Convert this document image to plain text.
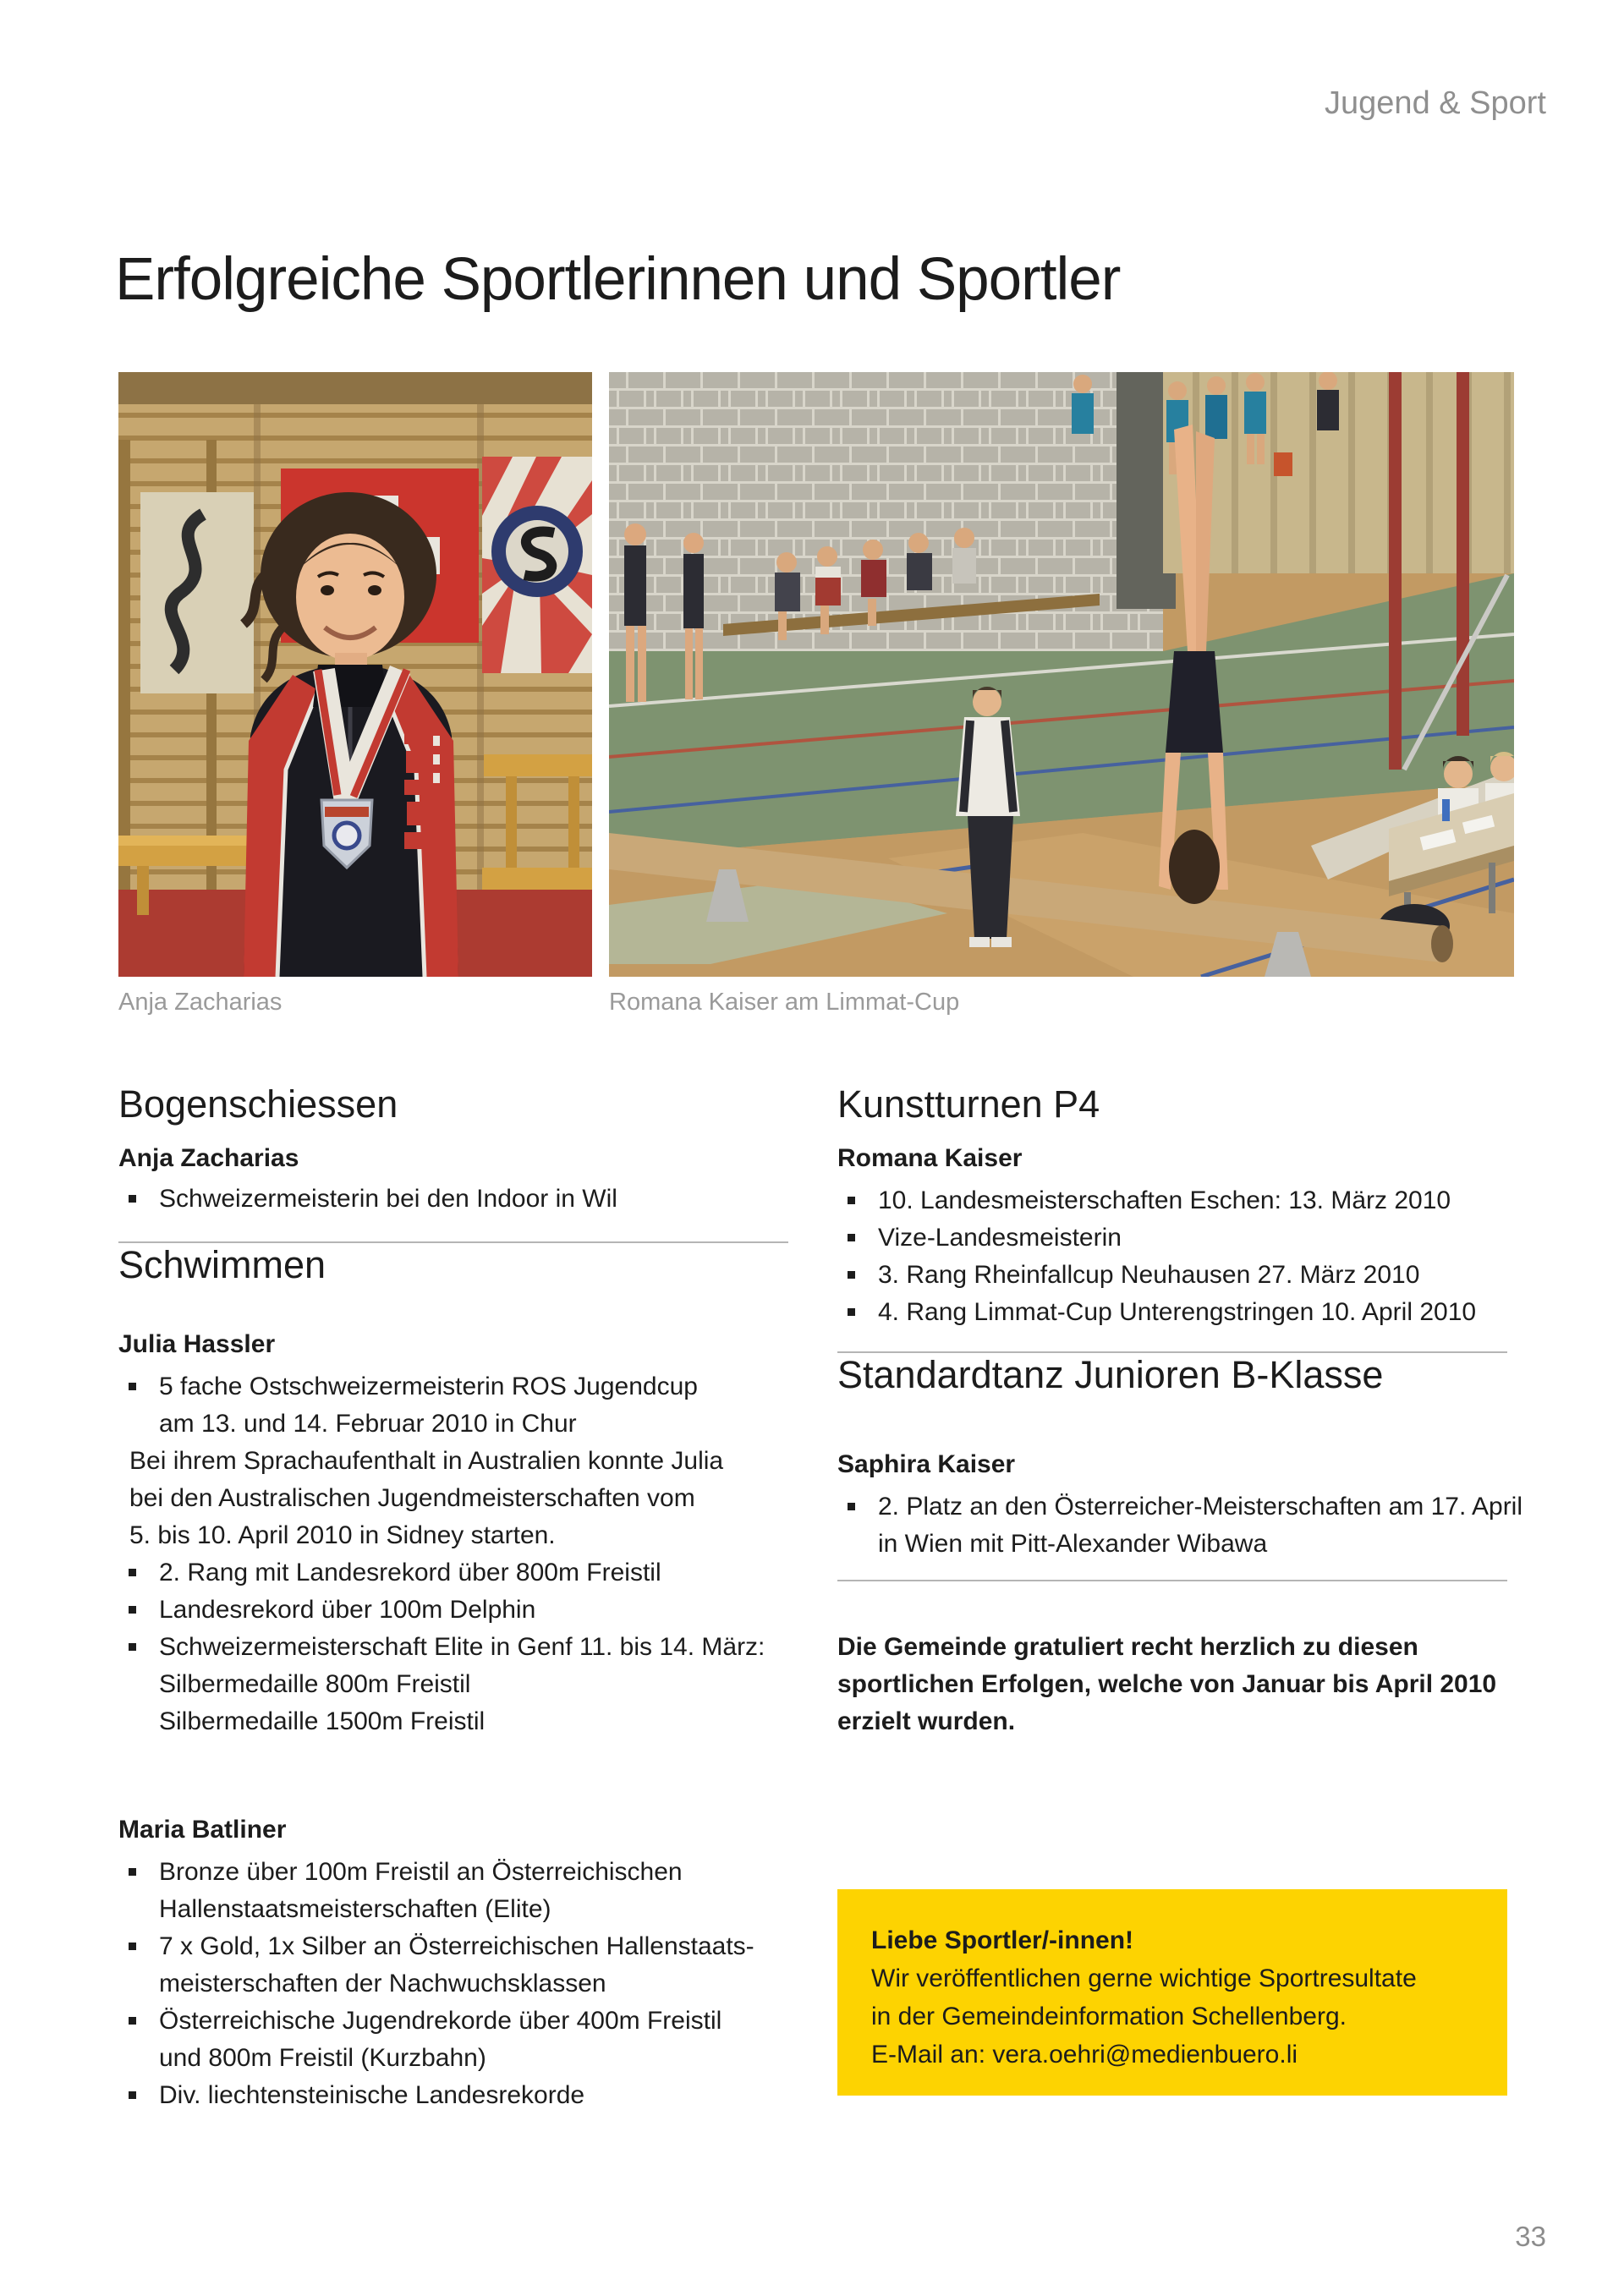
Jugend & Sport
Erfolgreiche Sportlerinnen und Sportler
Anja Zacharias	Romana Kaiser am Limmat-Cup
Bogenschiessen
Anja Zacharias
Schweizermeisterin bei den Indoor in Wil
Schwimmen
Julia Hassler
5 fache Ostschweizermeisterin ROS Jugendcup
am 13. und 14. Februar 2010 in Chur
Bei ihrem Sprachaufenthalt in Australien konnte Julia
bei den Australischen Jugendmeisterschaften vom
5. bis 10. April 2010 in Sidney starten.
2. Rang mit Landesrekord über 800m Freistil
Landesrekord über 100m Delphin
Schweizermeisterschaft Elite in Genf 11. bis 14. März:
Silbermedaille 800m Freistil
Silbermedaille 1500m Freistil
Maria Batliner
Bronze über 100m Freistil an Österreichischen
Hallenstaatsmeisterschaften (Elite)
7 x Gold, 1x Silber an Österreichischen Hallenstaats-
meisterschaften der Nachwuchsklassen
Österreichische Jugendrekorde über 400m Freistil
und 800m Freistil (Kurzbahn)
Div. liechtensteinische Landesrekorde
Kunstturnen P4
Romana Kaiser
10. Landesmeisterschaften Eschen: 13. März 2010
Vize-Landesmeisterin
3. Rang Rheinfallcup Neuhausen 27. März 2010
4. Rang Limmat-Cup Unterengstringen 10. April 2010
Standardtanz Junioren B-Klasse
Saphira Kaiser
2. Platz an den Österreicher-Meisterschaften am 17. April
in Wien mit Pitt-Alexander Wibawa
Die Gemeinde gratuliert recht herzlich zu diesen
sportlichen Erfolgen, welche von Januar bis April 2010
erzielt wurden.
Liebe Sportler/-innen!
Wir veröffentlichen gerne wichtige Sportresultate
in der Gemeindeinformation Schellenberg.
E-Mail an: vera.oehri@medienbuero.li
33
